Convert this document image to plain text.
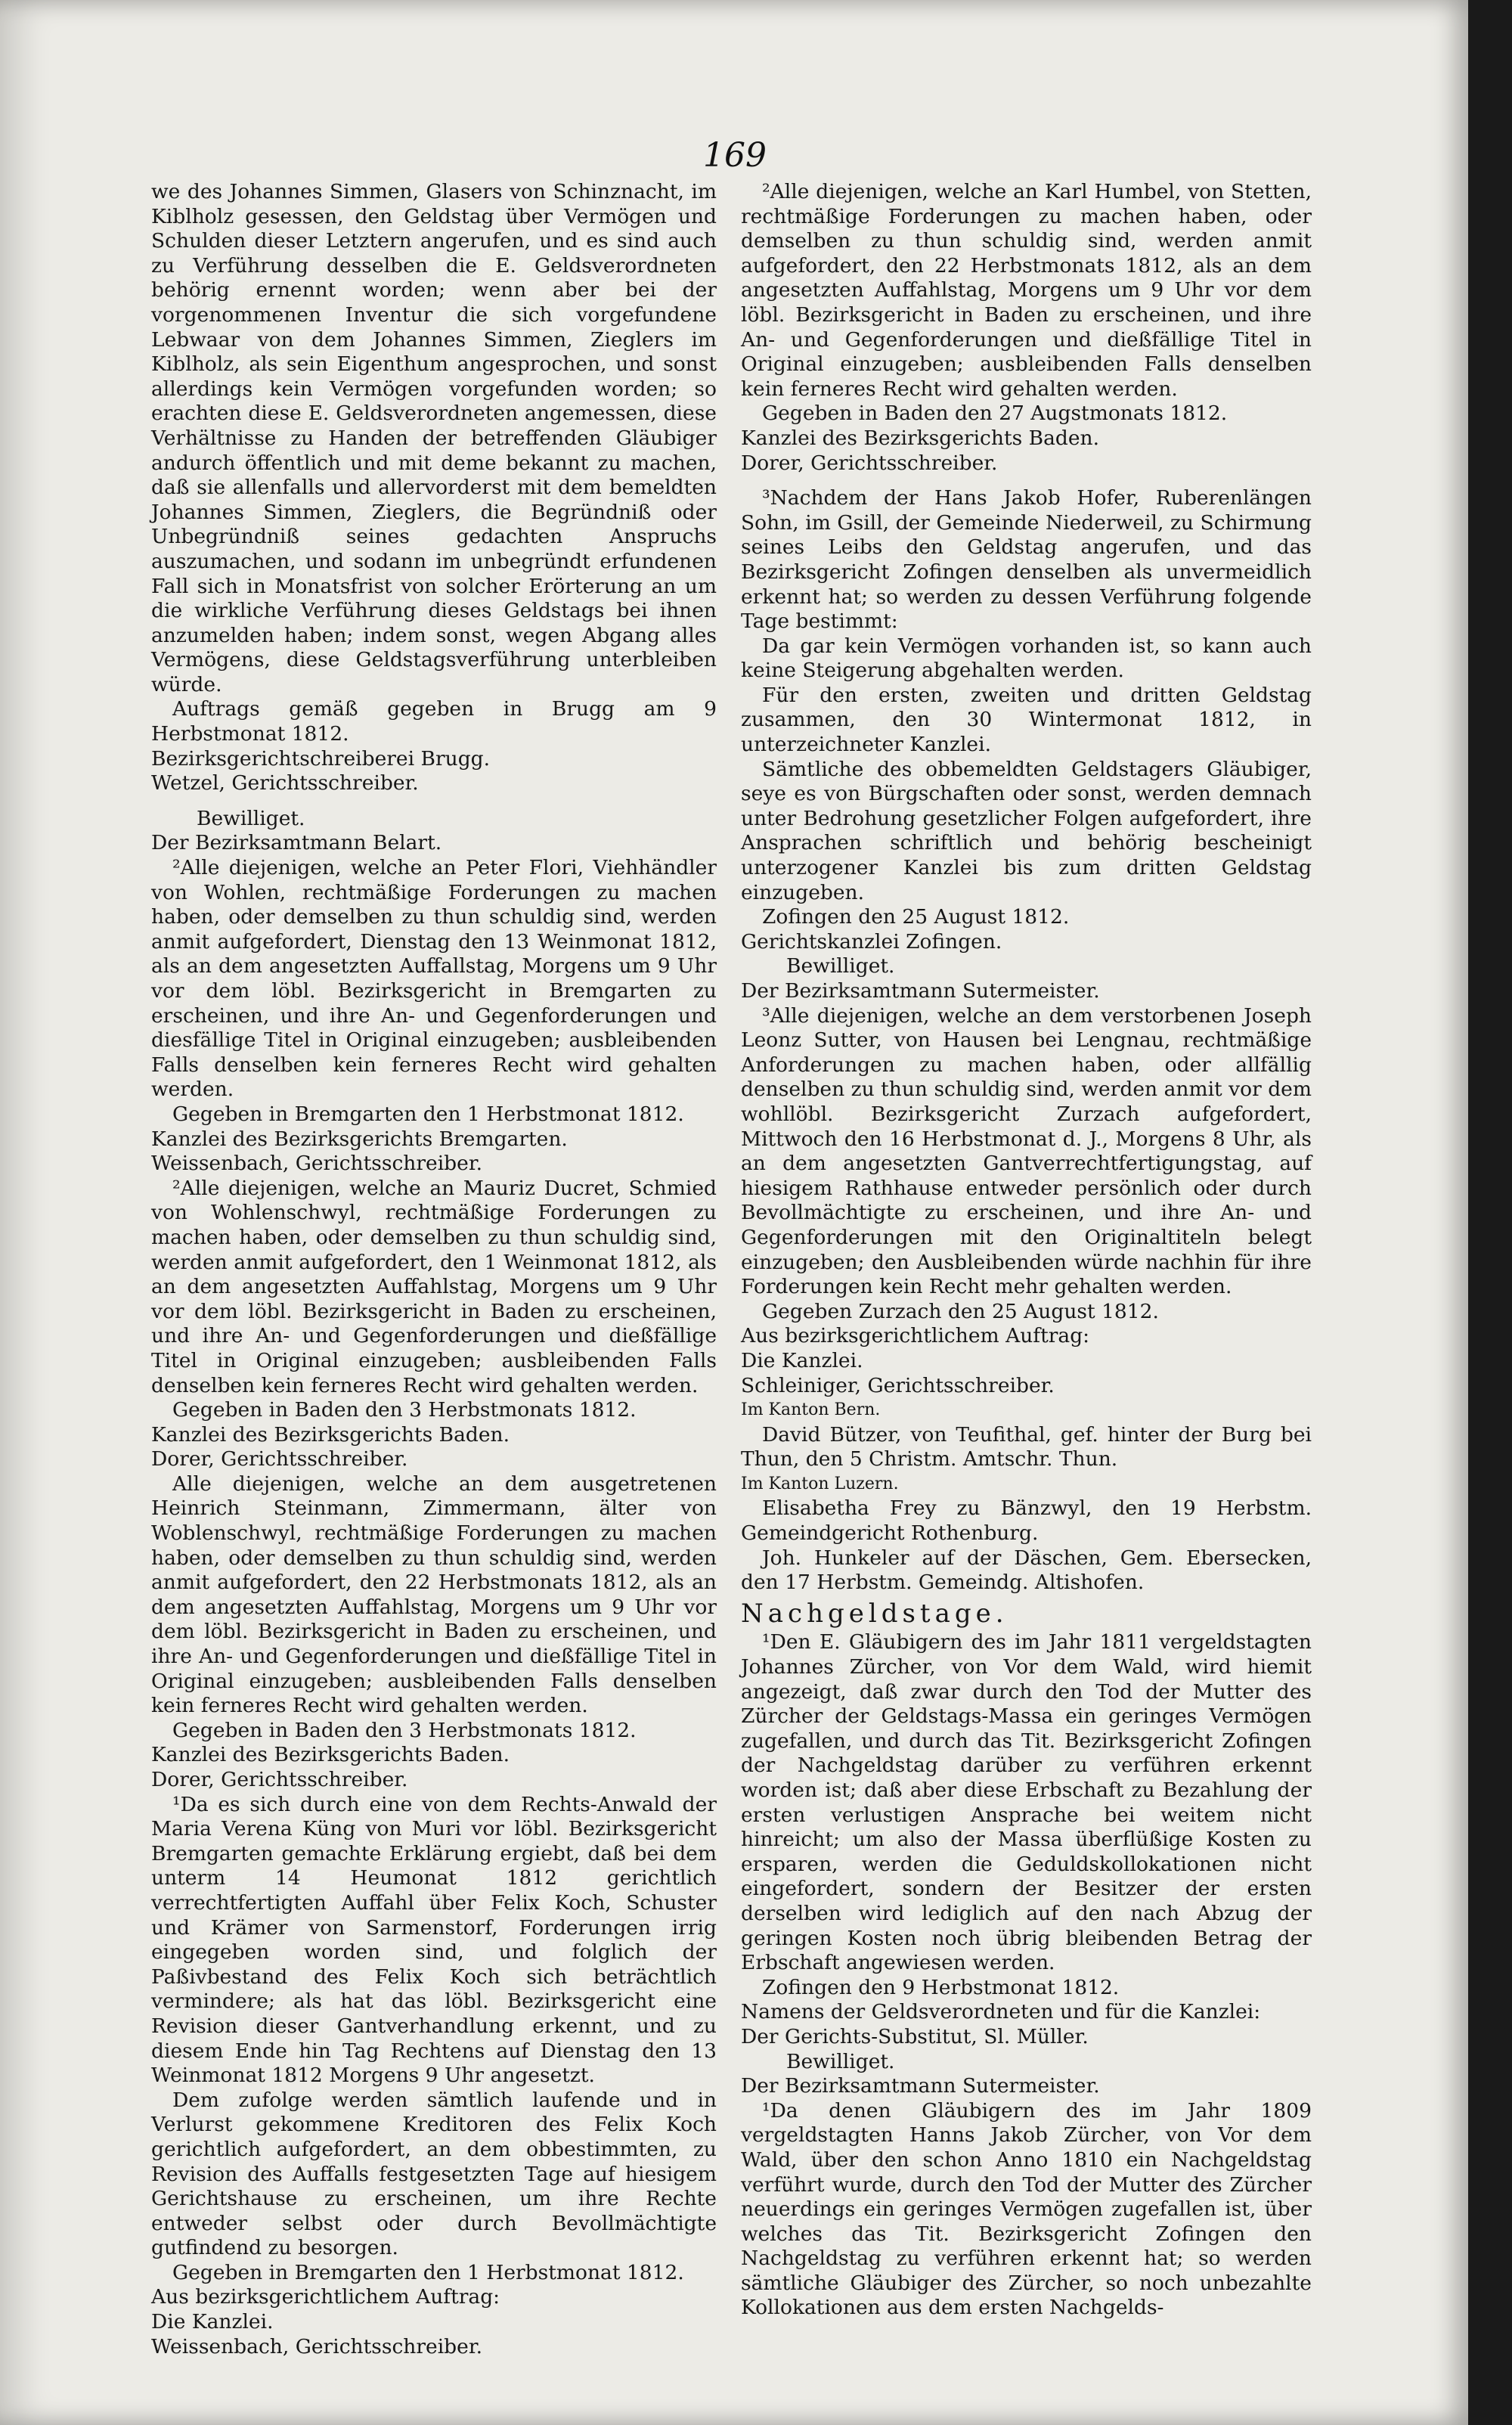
169

we des Johannes Simmen, Glasers von Schinznacht, im Kiblholz gesessen, den Geldstag über Vermögen und Schulden dieser Letztern angerufen, und es sind auch zu Verführung desselben die E. Geldsverordneten behörig ernennt worden; wenn aber bei der vorgenommenen Inventur die sich vorgefundene Lebwaar von dem Johannes Simmen, Zieglers im Kiblholz, als sein Eigenthum angesprochen, und sonst allerdings kein Vermögen vorgefunden worden; so erachten diese E. Geldsverordneten angemessen, diese Verhältnisse zu Handen der betreffenden Gläubiger andurch öffentlich und mit deme bekannt zu machen, daß sie allenfalls und allervorderst mit dem bemeldten Johannes Simmen, Zieglers, die Begründniß oder Unbegründniß seines gedachten Anspruchs auszumachen, und sodann im unbegründt erfundenen Fall sich in Monatsfrist von solcher Erörterung an um die wirkliche Verführung dieses Geldstags bei ihnen anzumelden haben; indem sonst, wegen Abgang alles Vermögens, diese Geldstagsverführung unterbleiben würde.

Auftrags gemäß gegeben in Brugg am 9 Herbstmonat 1812.

Bezirksgerichtschreiberei Brugg.

Wetzel, Gerichtsschreiber.

Bewilliget.

Der Bezirksamtmann Belart.

²Alle diejenigen, welche an Peter Flori, Viehhändler von Wohlen, rechtmäßige Forderungen zu machen haben, oder demselben zu thun schuldig sind, werden anmit aufgefordert, Dienstag den 13 Weinmonat 1812, als an dem angesetzten Auffallstag, Morgens um 9 Uhr vor dem löbl. Bezirksgericht in Bremgarten zu erscheinen, und ihre An- und Gegenforderungen und diesfällige Titel in Original einzugeben; ausbleibenden Falls denselben kein ferneres Recht wird gehalten werden.

Gegeben in Bremgarten den 1 Herbstmonat 1812.

Kanzlei des Bezirksgerichts Bremgarten.

Weissenbach, Gerichtsschreiber.

²Alle diejenigen, welche an Mauriz Ducret, Schmied von Wohlenschwyl, rechtmäßige Forderungen zu machen haben, oder demselben zu thun schuldig sind, werden anmit aufgefordert, den 1 Weinmonat 1812, als an dem angesetzten Auffahlstag, Morgens um 9 Uhr vor dem löbl. Bezirksgericht in Baden zu erscheinen, und ihre An- und Gegenforderungen und dießfällige Titel in Original einzugeben; ausbleibenden Falls denselben kein ferneres Recht wird gehalten werden.

Gegeben in Baden den 3 Herbstmonats 1812.

Kanzlei des Bezirksgerichts Baden.

Dorer, Gerichtsschreiber.

Alle diejenigen, welche an dem ausgetretenen Heinrich Steinmann, Zimmermann, älter von Woblenschwyl, rechtmäßige Forderungen zu machen haben, oder demselben zu thun schuldig sind, werden anmit aufgefordert, den 22 Herbstmonats 1812, als an dem angesetzten Auffahlstag, Morgens um 9 Uhr vor dem löbl. Bezirksgericht in Baden zu erscheinen, und ihre An- und Gegenforderungen und dießfällige Titel in Original einzugeben; ausbleibenden Falls denselben kein ferneres Recht wird gehalten werden.

Gegeben in Baden den 3 Herbstmonats 1812.

Kanzlei des Bezirksgerichts Baden.

Dorer, Gerichtsschreiber.

¹Da es sich durch eine von dem Rechts-Anwald der Maria Verena Küng von Muri vor löbl. Bezirksgericht Bremgarten gemachte Erklärung ergiebt, daß bei dem unterm 14 Heumonat 1812 gerichtlich verrechtfertigten Auffahl über Felix Koch, Schuster und Krämer von Sarmenstorf, Forderungen irrig eingegeben worden sind, und folglich der Paßivbestand des Felix Koch sich beträchtlich vermindere; als hat das löbl. Bezirksgericht eine Revision dieser Gantverhandlung erkennt, und zu diesem Ende hin Tag Rechtens auf Dienstag den 13 Weinmonat 1812 Morgens 9 Uhr angesetzt.

Dem zufolge werden sämtlich laufende und in Verlurst gekommene Kreditoren des Felix Koch gerichtlich aufgefordert, an dem obbestimmten, zu Revision des Auffalls festgesetzten Tage auf hiesigem Gerichtshause zu erscheinen, um ihre Rechte entweder selbst oder durch Bevollmächtigte gutfindend zu besorgen.

Gegeben in Bremgarten den 1 Herbstmonat 1812.

Aus bezirksgerichtlichem Auftrag:

Die Kanzlei.

Weissenbach, Gerichtsschreiber.

²Alle diejenigen, welche an Karl Humbel, von Stetten, rechtmäßige Forderungen zu machen haben, oder demselben zu thun schuldig sind, werden anmit aufgefordert, den 22 Herbstmonats 1812, als an dem angesetzten Auffahlstag, Morgens um 9 Uhr vor dem löbl. Bezirksgericht in Baden zu erscheinen, und ihre An- und Gegenforderungen und dießfällige Titel in Original einzugeben; ausbleibenden Falls denselben kein ferneres Recht wird gehalten werden.

Gegeben in Baden den 27 Augstmonats 1812.

Kanzlei des Bezirksgerichts Baden.

Dorer, Gerichtsschreiber.

³Nachdem der Hans Jakob Hofer, Ruberenlängen Sohn, im Gsill, der Gemeinde Niederweil, zu Schirmung seines Leibs den Geldstag angerufen, und das Bezirksgericht Zofingen denselben als unvermeidlich erkennt hat; so werden zu dessen Verführung folgende Tage bestimmt:

Da gar kein Vermögen vorhanden ist, so kann auch keine Steigerung abgehalten werden.

Für den ersten, zweiten und dritten Geldstag zusammen, den 30 Wintermonat 1812, in unterzeichneter Kanzlei.

Sämtliche des obbemeldten Geldstagers Gläubiger, seye es von Bürgschaften oder sonst, werden demnach unter Bedrohung gesetzlicher Folgen aufgefordert, ihre Ansprachen schriftlich und behörig bescheinigt unterzogener Kanzlei bis zum dritten Geldstag einzugeben.

Zofingen den 25 August 1812.

Gerichtskanzlei Zofingen.

Bewilliget.

Der Bezirksamtmann Sutermeister.

³Alle diejenigen, welche an dem verstorbenen Joseph Leonz Sutter, von Hausen bei Lengnau, rechtmäßige Anforderungen zu machen haben, oder allfällig denselben zu thun schuldig sind, werden anmit vor dem wohllöbl. Bezirksgericht Zurzach aufgefordert, Mittwoch den 16 Herbstmonat d. J., Morgens 8 Uhr, als an dem angesetzten Gantverrechtfertigungstag, auf hiesigem Rathhause entweder persönlich oder durch Bevollmächtigte zu erscheinen, und ihre An- und Gegenforderungen mit den Originaltiteln belegt einzugeben; den Ausbleibenden würde nachhin für ihre Forderungen kein Recht mehr gehalten werden.

Gegeben Zurzach den 25 August 1812.

Aus bezirksgerichtlichem Auftrag:

Die Kanzlei.

Schleiniger, Gerichtsschreiber.

Im Kanton Bern.

David Bützer, von Teufithal, gef. hinter der Burg bei Thun, den 5 Christm. Amtschr. Thun.

Im Kanton Luzern.

Elisabetha Frey zu Bänzwyl, den 19 Herbstm. Gemeindgericht Rothenburg.

Joh. Hunkeler auf der Däschen, Gem. Ebersecken, den 17 Herbstm. Gemeindg. Altishofen.

Nachgeldstage.

¹Den E. Gläubigern des im Jahr 1811 vergeldstagten Johannes Zürcher, von Vor dem Wald, wird hiemit angezeigt, daß zwar durch den Tod der Mutter des Zürcher der Geldstags-Massa ein geringes Vermögen zugefallen, und durch das Tit. Bezirksgericht Zofingen der Nachgeldstag darüber zu verführen erkennt worden ist; daß aber diese Erbschaft zu Bezahlung der ersten verlustigen Ansprache bei weitem nicht hinreicht; um also der Massa überflüßige Kosten zu ersparen, werden die Geduldskollokationen nicht eingefordert, sondern der Besitzer der ersten derselben wird lediglich auf den nach Abzug der geringen Kosten noch übrig bleibenden Betrag der Erbschaft angewiesen werden.

Zofingen den 9 Herbstmonat 1812.

Namens der Geldsverordneten und für die Kanzlei:

Der Gerichts-Substitut, Sl. Müller.

Bewilliget.

Der Bezirksamtmann Sutermeister.

¹Da denen Gläubigern des im Jahr 1809 vergeldstagten Hanns Jakob Zürcher, von Vor dem Wald, über den schon Anno 1810 ein Nachgeldstag verführt wurde, durch den Tod der Mutter des Zürcher neuerdings ein geringes Vermögen zugefallen ist, über welches das Tit. Bezirksgericht Zofingen den Nachgeldstag zu verführen erkennt hat; so werden sämtliche Gläubiger des Zürcher, so noch unbezahlte Kollokationen aus dem ersten Nachgelds-
